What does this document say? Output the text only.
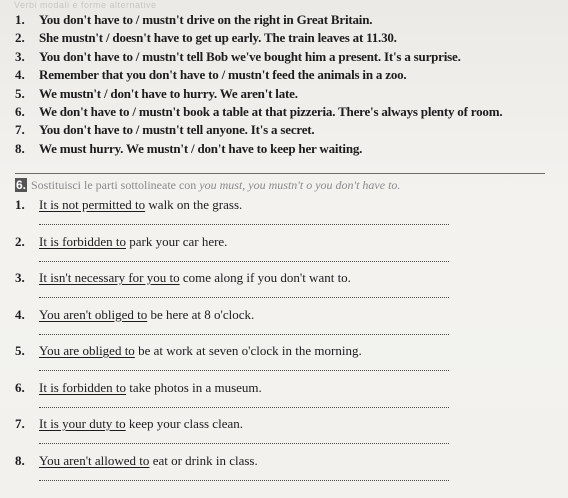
Verbi modali e forme alternative
1. You don't have to / mustn't drive on the right in Great Britain.
2. She mustn't / doesn't have to get up early. The train leaves at 11.30.
3. You don't have to / mustn't tell Bob we've bought him a present. It's a surprise.
4. Remember that you don't have to / mustn't feed the animals in a zoo.
5. We mustn't / don't have to hurry. We aren't late.
6. We don't have to / mustn't book a table at that pizzeria. There's always plenty of room.
7. You don't have to / mustn't tell anyone. It's a secret.
8. We must hurry. We mustn't / don't have to keep her waiting.
6. Sostituisci le parti sottolineate con you must, you mustn't o you don't have to.
1. It is not permitted to walk on the grass.
2. It is forbidden to park your car here.
3. It isn't necessary for you to come along if you don't want to.
4. You aren't obliged to be here at 8 o'clock.
5. You are obliged to be at work at seven o'clock in the morning.
6. It is forbidden to take photos in a museum.
7. It is your duty to keep your class clean.
8. You aren't allowed to eat or drink in class.
